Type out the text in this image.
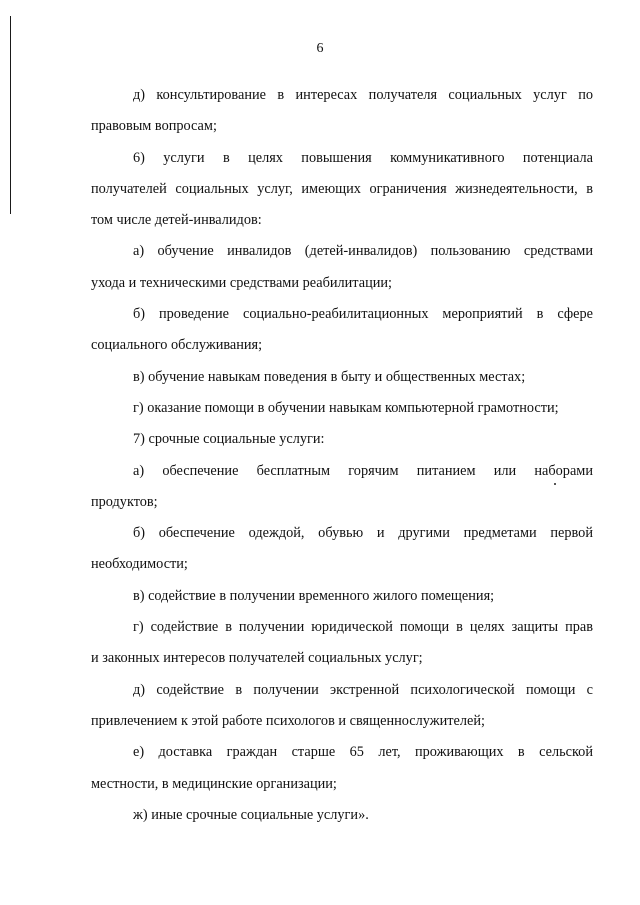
6

д) консультирование в интересах получателя социальных услуг по
правовым вопросам;

6) услуги в целях повышения коммуникативного потенциала
получателей социальных услуг, имеющих ограничения жизнедеятельности, в
том числе детей-инвалидов:

а) обучение инвалидов (детей-инвалидов) пользованию средствами
ухода и техническими средствами реабилитации;

б) проведение социально-реабилитационных мероприятий в сфере
социального обслуживания;

в) обучение навыкам поведения в быту и общественных местах;

г) оказание помощи в обучении навыкам компьютерной грамотности;

7) срочные социальные услуги:

а) обеспечение бесплатным горячим питанием или наборами
продуктов;

б) обеспечение одеждой, обувью и другими предметами первой
необходимости;

в) содействие в получении временного жилого помещения;

г) содействие в получении юридической помощи в целях защиты прав
и законных интересов получателей социальных услуг;

д) содействие в получении экстренной психологической помощи с
привлечением к этой работе психологов и священнослужителей;

е) доставка граждан старше 65 лет, проживающих в сельской
местности, в медицинские организации;

ж) иные срочные социальные услуги».
